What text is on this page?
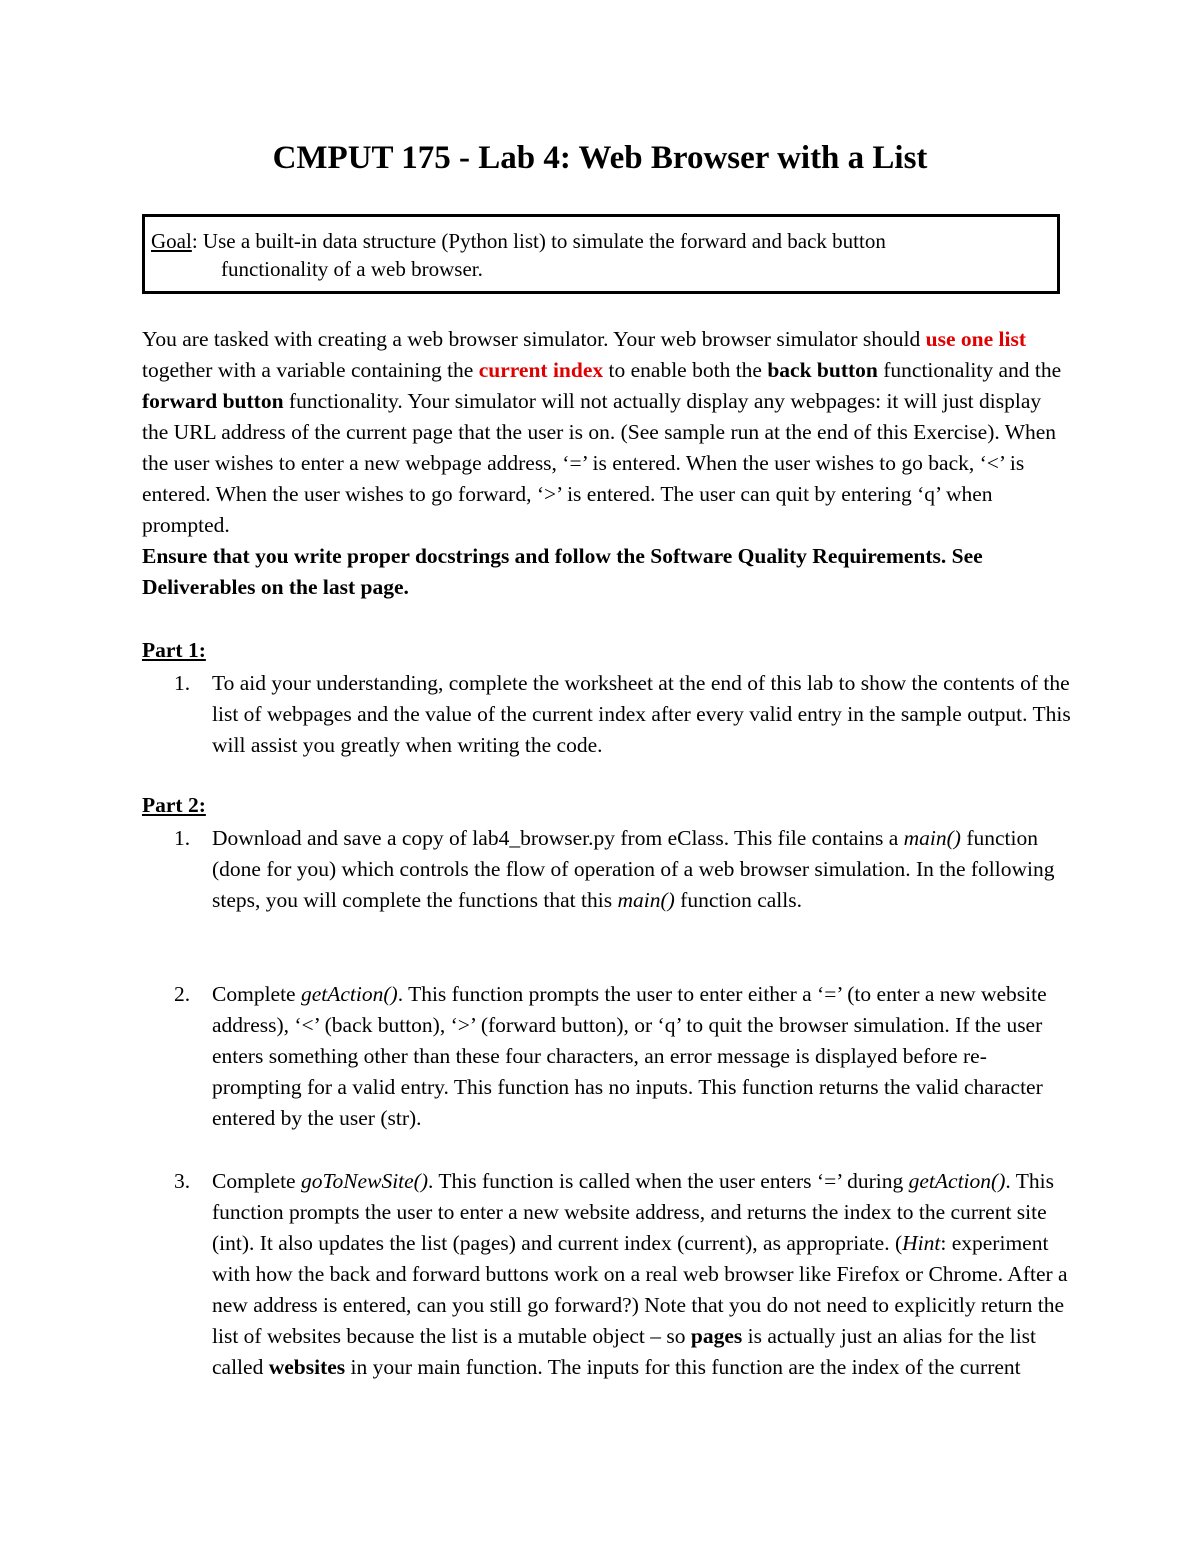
CMPUT 175 - Lab 4: Web Browser with a List
Goal: Use a built-in data structure (Python list) to simulate the forward and back button
functionality of a web browser.

You are tasked with creating a web browser simulator. Your web browser simulator should use one list together with a variable containing the current index to enable both the back button functionality and the forward button functionality. Your simulator will not actually display any webpages: it will just display the URL address of the current page that the user is on. (See sample run at the end of this Exercise). When the user wishes to enter a new webpage address, ‘=’ is entered. When the user wishes to go back, ‘<’ is entered. When the user wishes to go forward, ‘>’ is entered. The user can quit by entering ‘q’ when prompted.
Ensure that you write proper docstrings and follow the Software Quality Requirements. See Deliverables on the last page.

Part 1:
1. To aid your understanding, complete the worksheet at the end of this lab to show the contents of the list of webpages and the value of the current index after every valid entry in the sample output. This will assist you greatly when writing the code.
Part 2:
1. Download and save a copy of lab4_browser.py from eClass. This file contains a main() function (done for you) which controls the flow of operation of a web browser simulation. In the following steps, you will complete the functions that this main() function calls.
2. Complete getAction(). This function prompts the user to enter either a ‘=’ (to enter a new website address), ‘<’ (back button), ‘>’ (forward button), or ‘q’ to quit the browser simulation. If the user enters something other than these four characters, an error message is displayed before re-prompting for a valid entry. This function has no inputs. This function returns the valid character entered by the user (str).
3. Complete goToNewSite(). This function is called when the user enters ‘=’ during getAction(). This function prompts the user to enter a new website address, and returns the index to the current site (int). It also updates the list (pages) and current index (current), as appropriate. (Hint: experiment with how the back and forward buttons work on a real web browser like Firefox or Chrome. After a new address is entered, can you still go forward?) Note that you do not need to explicitly return the list of websites because the list is a mutable object – so pages is actually just an alias for the list called websites in your main function. The inputs for this function are the index of the current
